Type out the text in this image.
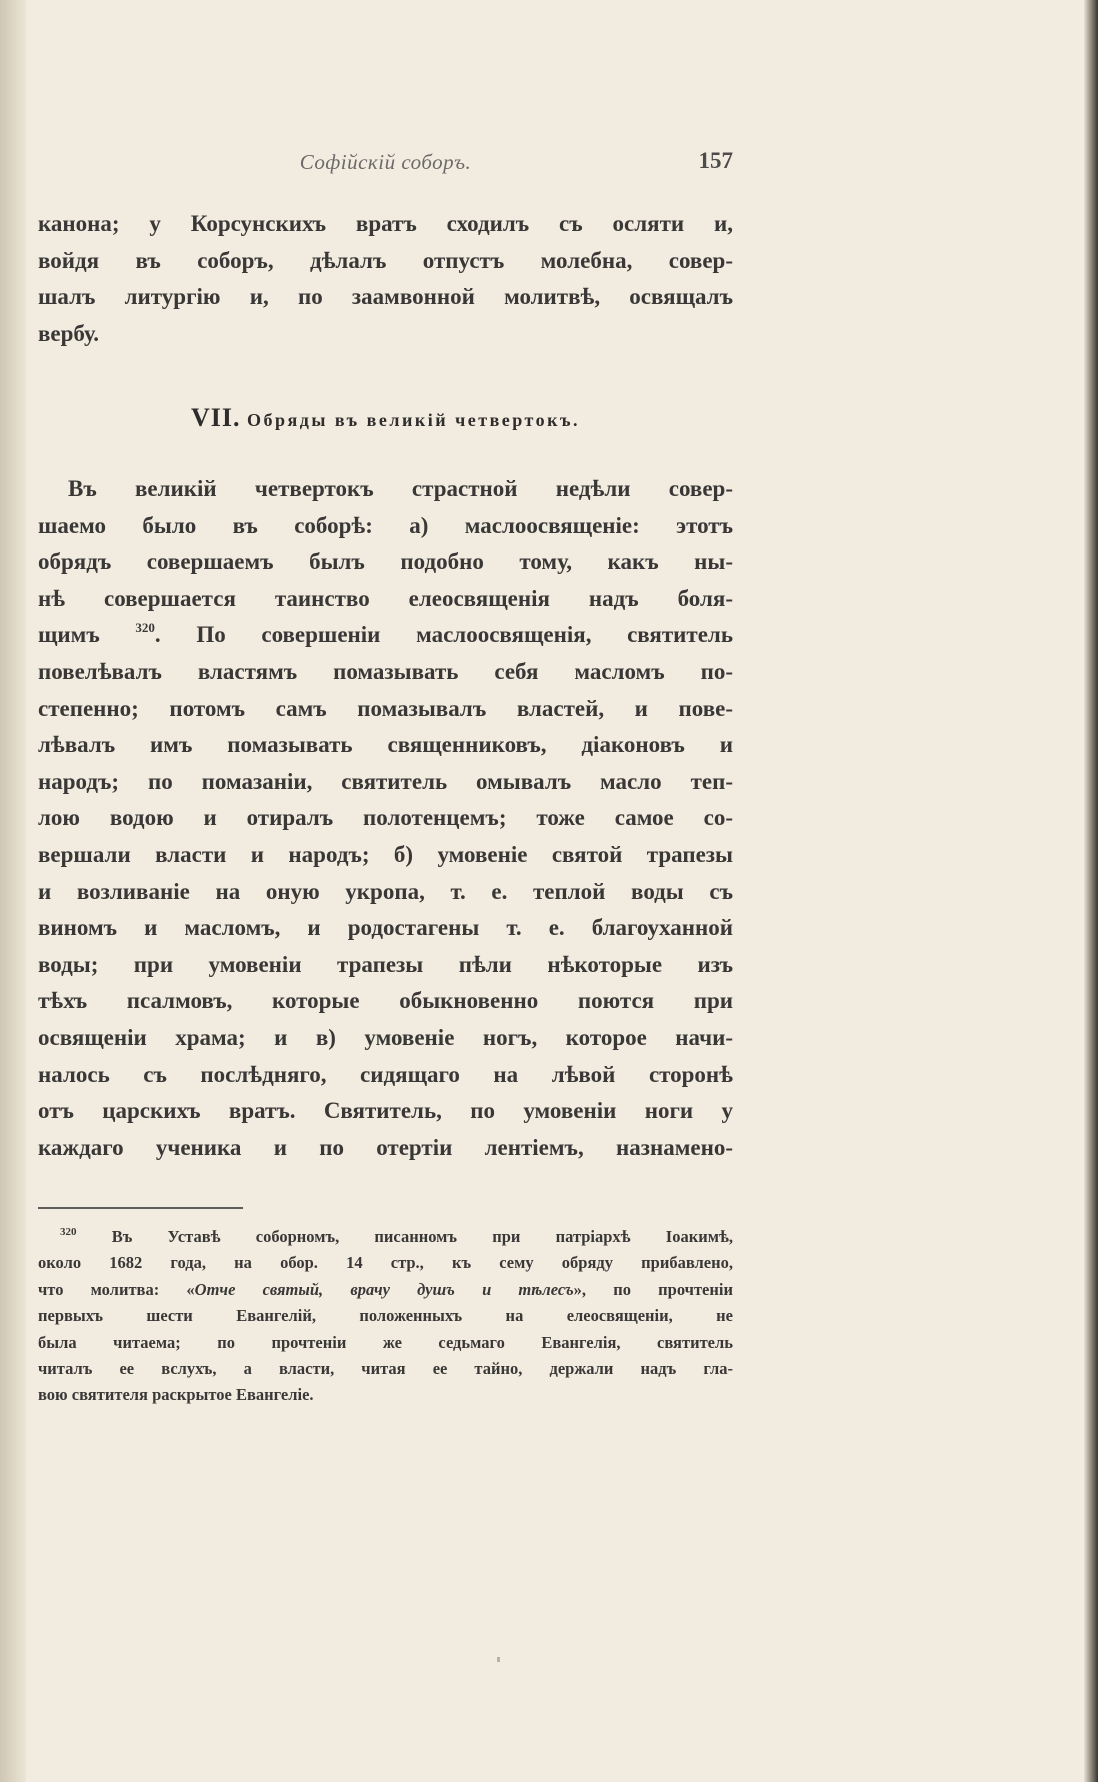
Софійскій соборъ.	157

канона; у Корсунскихъ вратъ сходилъ съ осляти и,
войдя въ соборъ, дѣлалъ отпустъ молебна, совер-
шалъ литургію и, по заамвонной молитвѣ, освящалъ
вербу.

VII. Обряды въ великій четвертокъ.

Въ великій четвертокъ страстной недѣли совер-
шаемо было въ соборѣ: а) маслоосвященіе: этотъ
обрядъ совершаемъ былъ подобно тому, какъ ны-
нѣ совершается таинство елеосвященія надъ боля-
щимъ	$^{320}$. По совершеніи маслоосвященія, святитель
повелѣвалъ властямъ помазывать себя масломъ по-
степенно; потомъ самъ помазывалъ властей, и пове-
лѣвалъ имъ помазывать священниковъ, діаконовъ и
народъ; по помазаніи, святитель омывалъ масло теп-
лою водою и отиралъ полотенцемъ; тоже самое со-
вершали власти и народъ; б) умовеніе святой трапезы
и возливаніе на оную укропа, т. е. теплой воды съ
виномъ и масломъ, и родостагены т. е. благоуханной
воды; при умовеніи трапезы пѣли нѣкоторые изъ
тѣхъ псалмовъ, которые обыкновенно поются при
освященіи храма; и в) умовеніе ногъ, которое начи-
налось съ послѣдняго, сидящаго на лѣвой сторонѣ
отъ царскихъ вратъ. Святитель, по умовеніи ноги у
каждаго ученика и по отертіи лентіемъ, назнамено-

$^{320}$ Въ Уставѣ соборномъ, писанномъ при патріархѣ Іоакимѣ,
около 1682 года, на обор. 14 стр., къ сему обряду прибавлено,
что молитва: «Отче святый, врачу душъ и тѣлесъ», по прочтеніи
первыхъ шести Евангелій, положенныхъ на елеосвященіи, не
была читаема; по прочтеніи же седьмаго Евангелія, святитель
читалъ ее вслухъ, а власти, читая ее тайно, держали надъ гла-
вою святителя раскрытое Евангеліе.
